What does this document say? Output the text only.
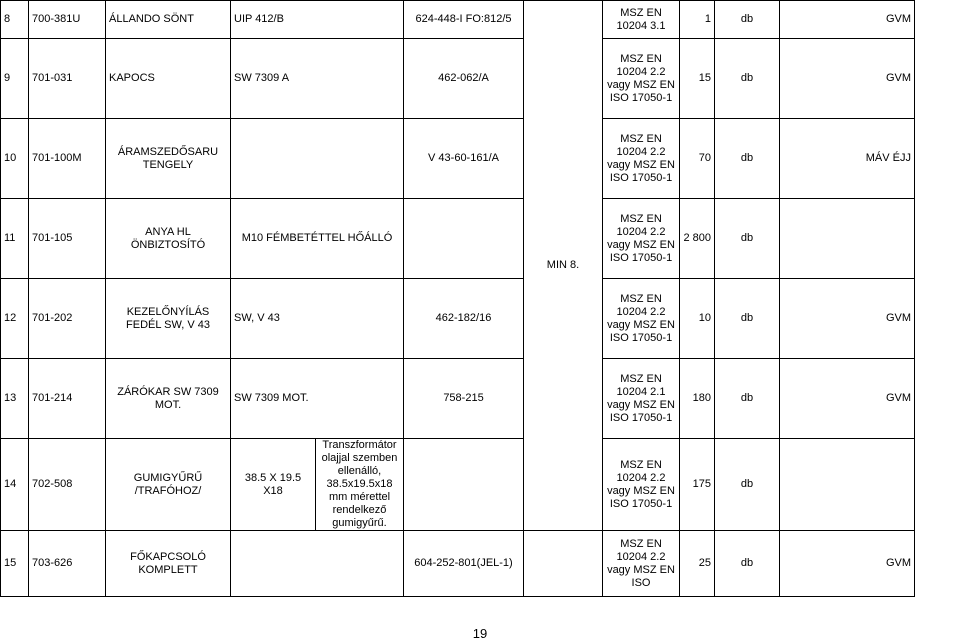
8	700-381U	ÁLLANDO SÖNT	UIP 412/B		624-448-I FO:812/5	MIN 8.	MSZ EN 10204 3.1	1	db	GVM
9	701-031	KAPOCS	SW 7309 A		462-062/A		MSZ EN 10204 2.2 vagy MSZ EN ISO 17050-1	15	db	GVM
10	701-100M	ÁRAMSZEDŐSARU TENGELY			V 43-60-161/A		MSZ EN 10204 2.2 vagy MSZ EN ISO 17050-1	70	db	MÁV ÉJJ
11	701-105	ANYA HL ÖNBIZTOSÍTÓ	M10 FÉMBETÉTTEL HŐÁLLÓ				MSZ EN 10204 2.2 vagy MSZ EN ISO 17050-1	2 800	db	
12	701-202	KEZELŐNYÍLÁS FEDÉL SW, V 43	SW, V 43		462-182/16		MSZ EN 10204 2.2 vagy MSZ EN ISO 17050-1	10	db	GVM
13	701-214	ZÁRÓKAR SW 7309 MOT.	SW 7309 MOT.		758-215		MSZ EN 10204 2.1 vagy MSZ EN ISO 17050-1	180	db	GVM
14	702-508	GUMIGYŰRŰ /TRAFÓHOZ/	38.5 X 19.5 X18	Transzformátor olajjal szemben ellenálló, 38.5x19.5x18 mm mérettel rendelkező gumigyűrű.			MSZ EN 10204 2.2 vagy MSZ EN ISO 17050-1	175	db	
15	703-626	FŐKAPCSOLÓ KOMPLETT			604-252-801(JEL-1)		MSZ EN 10204 2.2 vagy MSZ EN ISO	25	db	GVM
19
